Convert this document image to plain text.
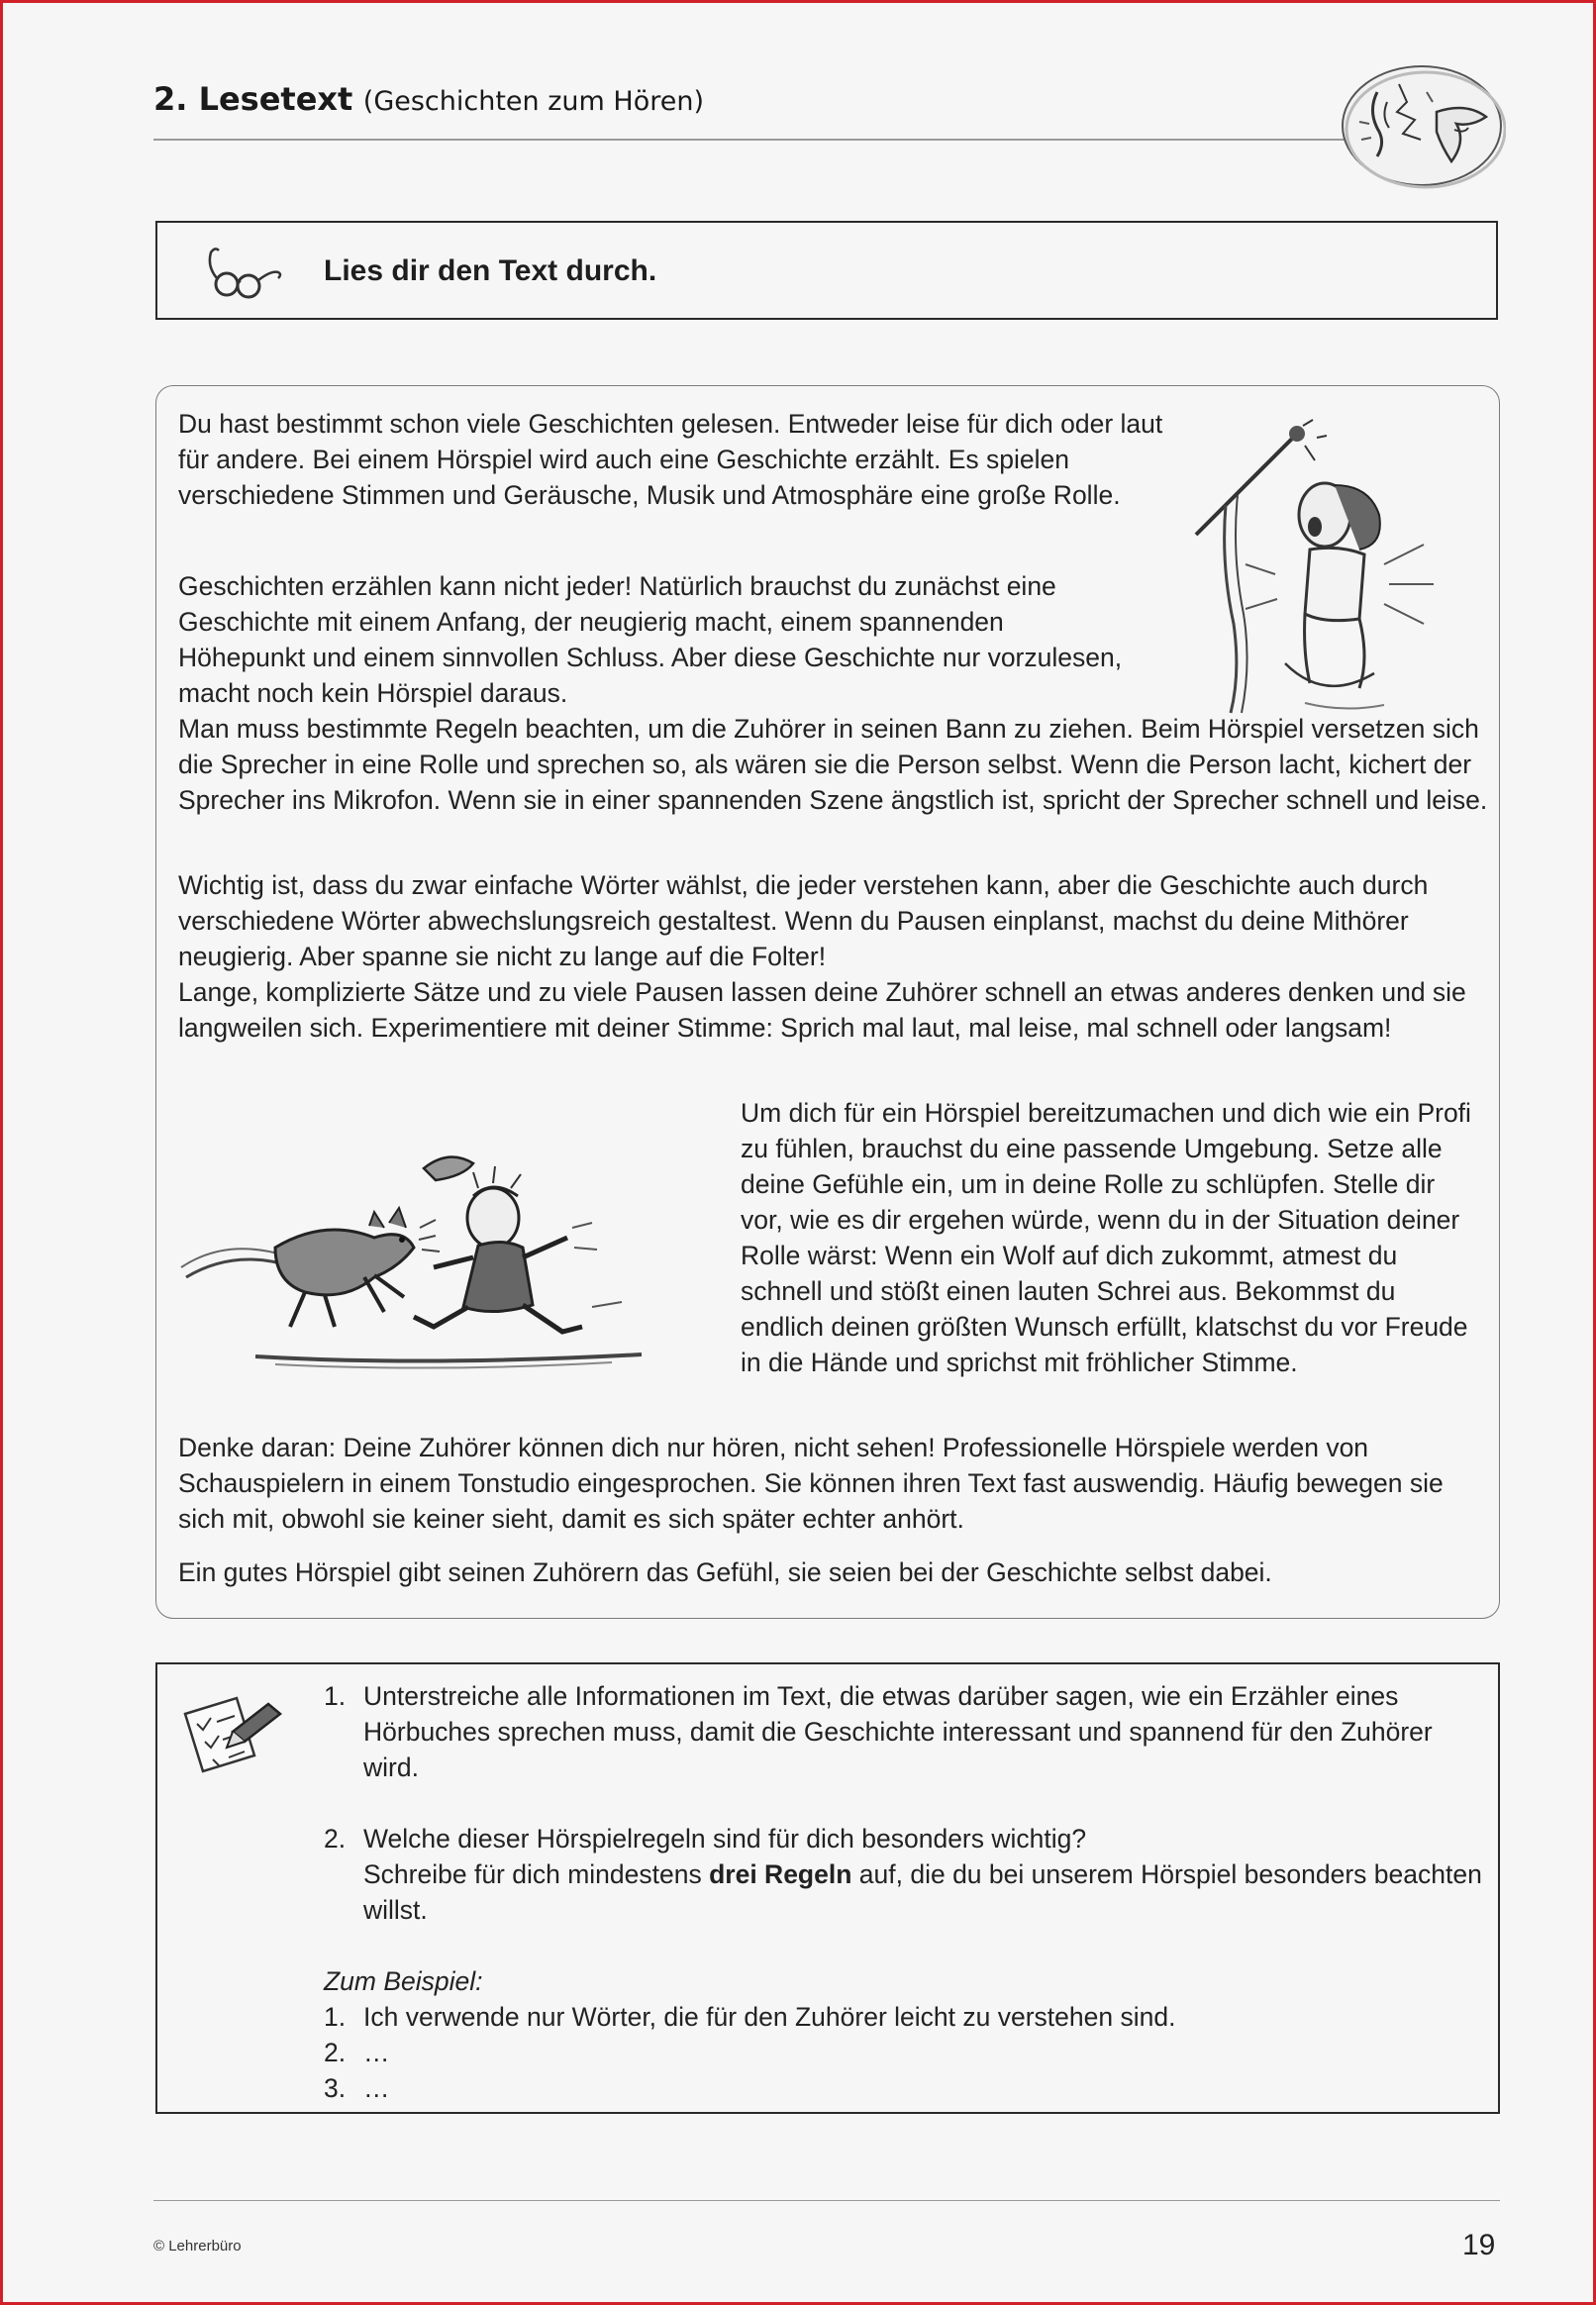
2. Lesetext (Geschichten zum Hören)
Lies dir den Text durch.

Du hast bestimmt schon viele Geschichten gelesen. Entweder leise für dich oder laut für andere. Bei einem Hörspiel wird auch eine Geschichte erzählt. Es spielen verschiedene Stimmen und Geräusche, Musik und Atmosphäre eine große Rolle.

Geschichten erzählen kann nicht jeder! Natürlich brauchst du zunächst eine Geschichte mit einem Anfang, der neugierig macht, einem spannenden Höhepunkt und einem sinnvollen Schluss. Aber diese Geschichte nur vorzulesen, macht noch kein Hörspiel daraus.
Man muss bestimmte Regeln beachten, um die Zuhörer in seinen Bann zu ziehen. Beim Hörspiel versetzen sich die Sprecher in eine Rolle und sprechen so, als wären sie die Person selbst. Wenn die Person lacht, kichert der Sprecher ins Mikrofon. Wenn sie in einer spannenden Szene ängstlich ist, spricht der Sprecher schnell und leise.
Wichtig ist, dass du zwar einfache Wörter wählst, die jeder verstehen kann, aber die Geschichte auch durch verschiedene Wörter abwechslungsreich gestaltest. Wenn du Pausen einplanst, machst du deine Mithörer neugierig. Aber spanne sie nicht zu lange auf die Folter!
Lange, komplizierte Sätze und zu viele Pausen lassen deine Zuhörer schnell an etwas anderes denken und sie langweilen sich. Experimentiere mit deiner Stimme: Sprich mal laut, mal leise, mal schnell oder langsam!

Um dich für ein Hörspiel bereitzumachen und dich wie ein Profi zu fühlen, brauchst du eine passende Umgebung. Setze alle deine Gefühle ein, um in deine Rolle zu schlüpfen. Stelle dir vor, wie es dir ergehen würde, wenn du in der Situation deiner Rolle wärst: Wenn ein Wolf auf dich zukommt, atmest du schnell und stößt einen lauten Schrei aus. Bekommst du endlich deinen größten Wunsch erfüllt, klatschst du vor Freude in die Hände und sprichst mit fröhlicher Stimme.

Denke daran: Deine Zuhörer können dich nur hören, nicht sehen! Professionelle Hörspiele werden von Schauspielern in einem Tonstudio eingesprochen. Sie können ihren Text fast auswendig. Häufig bewegen sie sich mit, obwohl sie keiner sieht, damit es sich später echter anhört.

Ein gutes Hörspiel gibt seinen Zuhörern das Gefühl, sie seien bei der Geschichte selbst dabei.

1. Unterstreiche alle Informationen im Text, die etwas darüber sagen, wie ein Erzähler eines Hörbuches sprechen muss, damit die Geschichte interessant und spannend für den Zuhörer wird.
2. Welche dieser Hörspielregeln sind für dich besonders wichtig?
Schreibe für dich mindestens drei Regeln auf, die du bei unserem Hörspiel besonders beachten willst.
Zum Beispiel:
1. Ich verwende nur Wörter, die für den Zuhörer leicht zu verstehen sind.
2. …
3. …
© Lehrerbüro	19
